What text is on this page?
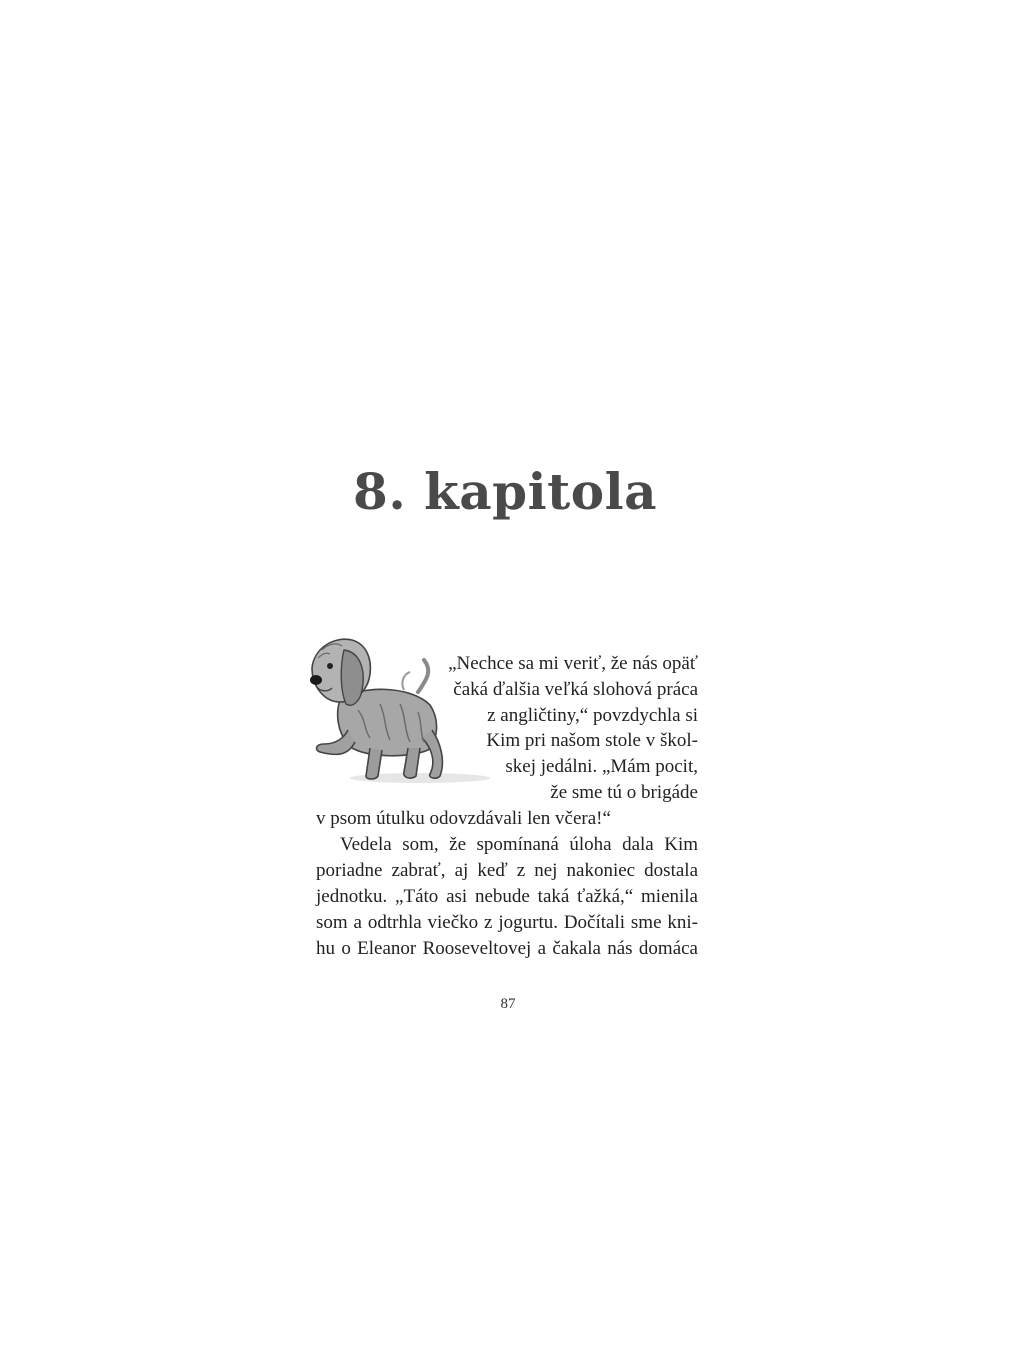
8. kapitola
„Nechce sa mi veriť, že nás opäť
čaká ďalšia veľká slohová práca
z angličtiny,“ povzdychla si
Kim pri našom stole v škol-
skej jedálni. „Mám pocit,
že sme tú o brigáde
v psom útulku odovzdávali len včera!“
Vedela som, že spomínaná úloha dala Kim
poriadne zabrať, aj keď z nej nakoniec dostala
jednotku. „Táto asi nebude taká ťažká,“ mienila
som a odtrhla viečko z jogurtu. Dočítali sme kni-
hu o Eleanor Rooseveltovej a čakala nás domáca
87
